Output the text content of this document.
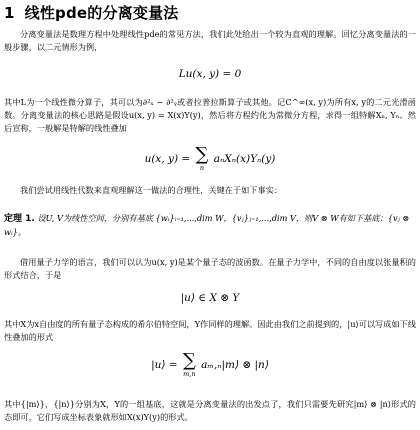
1 线性pde的分离变量法

分离变量法是数理方程中处理线性pde的常见方法，我们此处给出一个较为直观的理解。回忆分离变量法的一般步骤，以二元情形为例，

Lu(x, y) = 0

其中L为一个线性微分算子，其可以为∂²ₓ − ∂²ᵧ或者拉普拉斯算子或其他。记C^∞(x, y)为所有x, y的二元光滑函数。分离变量法的核心思路是假设u(x, y) = X(x)Y(y)，然后将方程约化为常微分方程，求得一组特解Xₙ, Yₙ。然后宣称，一般解是特解的线性叠加

u(x, y) = ∑
n
aₙXₙ(x)Yₙ(y)

我们尝试用线性代数来直观理解这一做法的合理性，关键在于如下事实：

定理 1. 设U, V为线性空间，分别有基底 {wᵢ}ᵢ₌₁,...,dim W，{vⱼ}ⱼ₌₁,...,dim V，则V ⊗ W有如下基底：{vⱼ ⊗ wᵢ}。

借用量子力学的语言，我们可以认为u(x, y)是某个量子态的波函数。在量子力学中，不同的自由度以张量积的形式结合，于是

|u⟩ ∈ X ⊗ Y

其中X为x自由度的所有量子态构成的希尔伯特空间，Y作同样的理解。因此由我们之前提到的，|u⟩可以写成如下线性叠加的形式

|u⟩ = ∑
m,n
aₘ,ₙ|m⟩ ⊗ |n⟩

其中{|m⟩}，{|n⟩}分别为X，Y的一组基底，这就是分离变量法的出发点了，我们只需要先研究|m⟩ ⊗ |n⟩形式的态即可，它们写成坐标表象就形如X(x)Y(y)的形式。
